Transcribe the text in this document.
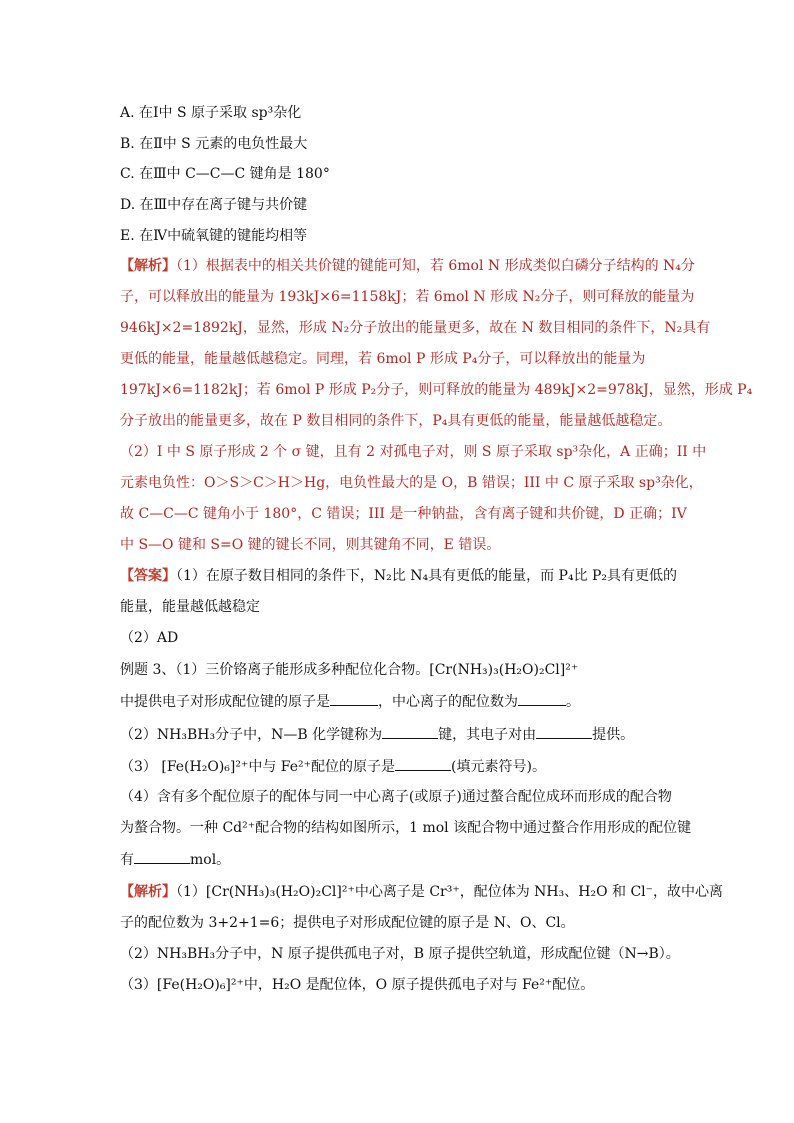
A. 在Ⅰ中 S 原子采取 sp³杂化
B. 在Ⅱ中 S 元素的电负性最大
C. 在Ⅲ中 C—C—C 键角是 180°
D. 在Ⅲ中存在离子键与共价键
E. 在Ⅳ中硫氧键的键能均相等
【解析】（1）根据表中的相关共价键的键能可知，若 6mol N 形成类似白磷分子结构的 N₄分
子，可以释放出的能量为 193kJ×6=1158kJ；若 6mol N 形成 N₂分子，则可释放的能量为
946kJ×2=1892kJ，显然，形成 N₂分子放出的能量更多，故在 N 数目相同的条件下，N₂具有
更低的能量，能量越低越稳定。同理，若 6mol P 形成 P₄分子，可以释放出的能量为
197kJ×6=1182kJ；若 6mol P 形成 P₂分子，则可释放的能量为 489kJ×2=978kJ，显然，形成 P₄
分子放出的能量更多，故在 P 数目相同的条件下，P₄具有更低的能量，能量越低越稳定。
（2）I 中 S 原子形成 2 个 σ 键，且有 2 对孤电子对，则 S 原子采取 sp³杂化，A 正确；II 中
元素电负性：O＞S＞C＞H＞Hg，电负性最大的是 O，B 错误；III 中 C 原子采取 sp³杂化，
故 C—C—C 键角小于 180°，C 错误；III 是一种钠盐，含有离子键和共价键，D 正确；IV
中 S—O 键和 S=O 键的键长不同，则其键角不同，E 错误。
【答案】（1）在原子数目相同的条件下，N₂比 N₄具有更低的能量，而 P₄比 P₂具有更低的
能量，能量越低越稳定
（2）AD
例题 3、（1）三价铬离子能形成多种配位化合物。[Cr(NH₃)₃(H₂O)₂Cl]²⁺
中提供电子对形成配位键的原子是	，中心离子的配位数为	。
（2）NH₃BH₃分子中，N—B 化学键称为	键，其电子对由	提供。
（3） [Fe(H₂O)₆]²⁺中与 Fe²⁺配位的原子是	(填元素符号)。
（4）含有多个配位原子的配体与同一中心离子(或原子)通过螯合配位成环而形成的配合物
为螯合物。一种 Cd²⁺配合物的结构如图所示，1 mol 该配合物中通过螯合作用形成的配位键
有	mol。
【解析】（1）[Cr(NH₃)₃(H₂O)₂Cl]²⁺中心离子是 Cr³⁺，配位体为 NH₃、H₂O 和 Cl⁻，故中心离
子的配位数为 3+2+1=6；提供电子对形成配位键的原子是 N、O、Cl。
（2）NH₃BH₃分子中，N 原子提供孤电子对，B 原子提供空轨道，形成配位键（N→B）。
（3）[Fe(H₂O)₆]²⁺中，H₂O 是配位体，O 原子提供孤电子对与 Fe²⁺配位。
